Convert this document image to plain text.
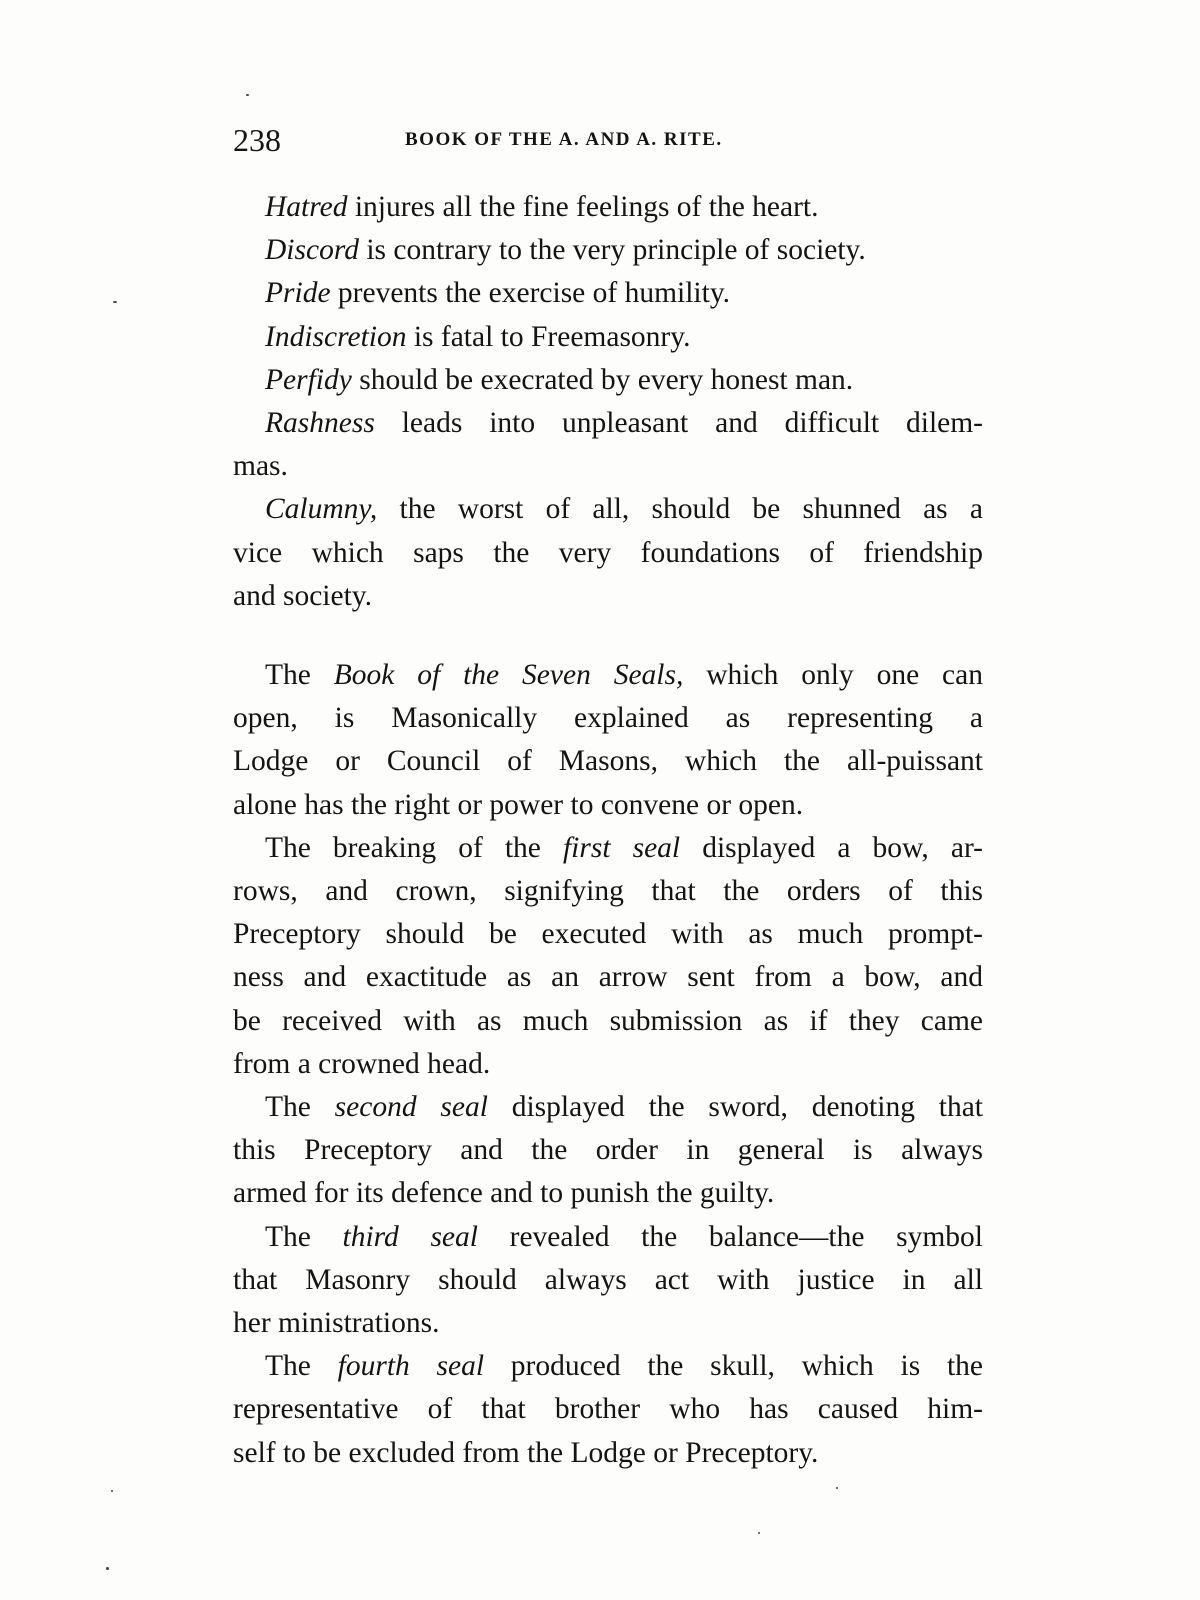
238	BOOK OF THE A. AND A. RITE.

Hatred injures all the fine feelings of the heart.

Discord is contrary to the very principle of society.

Pride prevents the exercise of humility.

Indiscretion is fatal to Freemasonry.

Perfidy should be execrated by every honest man.

Rashness leads into unpleasant and difficult dilem-
mas.
Calumny, the worst of all, should be shunned as a
vice which saps the very foundations of friendship
and society.
The Book of the Seven Seals, which only one can
open, is Masonically explained as representing a
Lodge or Council of Masons, which the all-puissant
alone has the right or power to convene or open.
The breaking of the first seal displayed a bow, ar-
rows, and crown, signifying that the orders of this
Preceptory should be executed with as much prompt-
ness and exactitude as an arrow sent from a bow, and
be received with as much submission as if they came
from a crowned head.
The second seal displayed the sword, denoting that
this Preceptory and the order in general is always
armed for its defence and to punish the guilty.
The third seal revealed the balance—the symbol
that Masonry should always act with justice in all
her ministrations.
The fourth seal produced the skull, which is the
representative of that brother who has caused him-
self to be excluded from the Lodge or Preceptory.
